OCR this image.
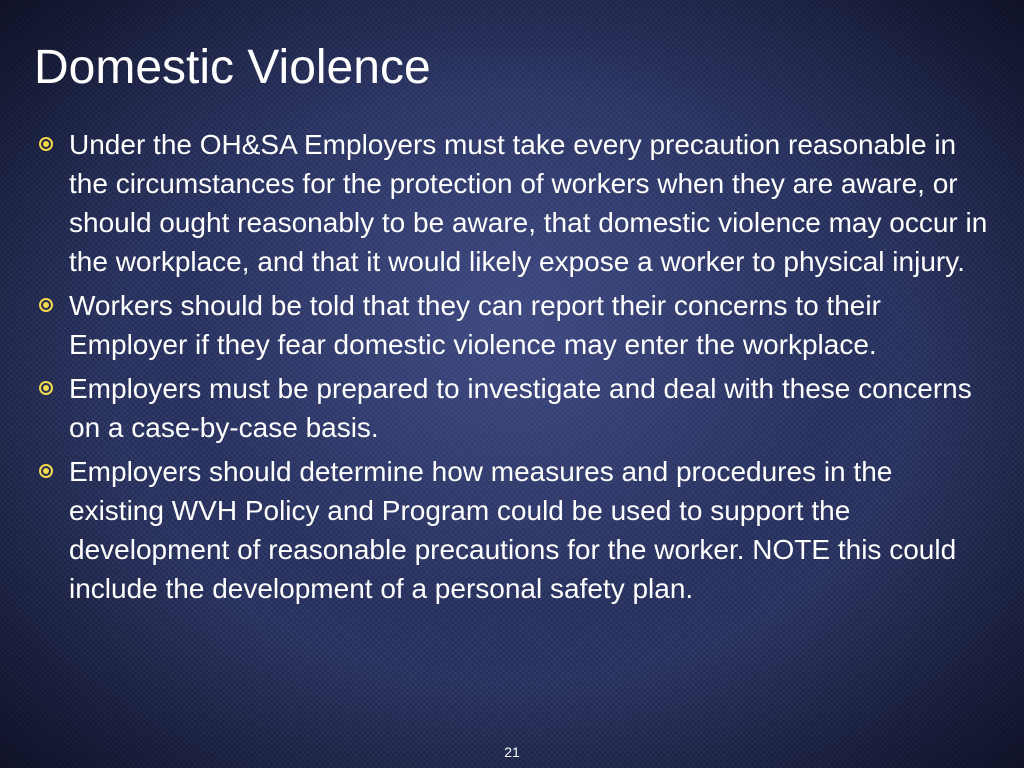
Domestic Violence
Under the OH&SA Employers must take every precaution reasonable in the circumstances for the protection of workers when they are aware, or should ought reasonably to be aware, that domestic violence may occur in the workplace, and that it would likely expose a worker to physical injury.
Workers should be told that they can report their concerns to their Employer if they fear domestic violence may enter the workplace.
Employers must be prepared to investigate and deal with these concerns on a case-by-case basis.
Employers should determine how measures and procedures in the existing WVH Policy and Program could be used to support the development of reasonable precautions for the worker. NOTE this could include the development of a personal safety plan.
21
